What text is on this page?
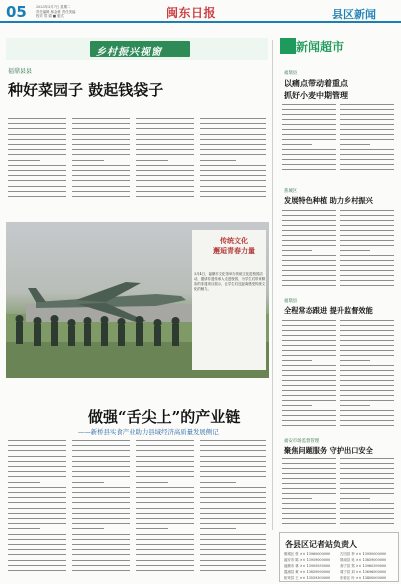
05	2023年3月7日 星期二
责任编辑 林金豪 责任美编
校对 郑 娟 ■ 版式	闽东日报	县区新闻
乡村振兴视窗
福鼎县县
种好菜园子 鼓起钱袋子
传统文化
邂逅青春力量
3月4日，福鼎市文化馆举办传统文化进校园活动，邀请非遗传承人走进校园，为学生们带来精彩的非遗项目展示，让学生们近距离感受传统文化的魅力。
做强“舌尖上”的产业链
——新桥县实食产业助力县域经济高质量发展侧记
新闻超市
福鼎县
以痛点带动着重点
抓好小麦中期管理
蕉城区
发展特色种植 助力乡村振兴
福鼎县
全程常态跟进 提升监督效能
福安市场监督管理
聚焦问题服务 守护出口安全
各县区记者站负责人
蕉城区 张 ×× 13960000000	古田县 李 ×× 13950000000
福安市 陈 ×× 13959000000	屏南县 吴 ×× 13859000000
福鼎市 林 ×× 13905930000	寿宁县 郑 ×× 13960390000
霞浦县 黄 ×× 13859090000	周宁县 刘 ×× 13696000000
柘荣县 王 ×× 13559300000	东侨区 叶 ×× 13400000000
